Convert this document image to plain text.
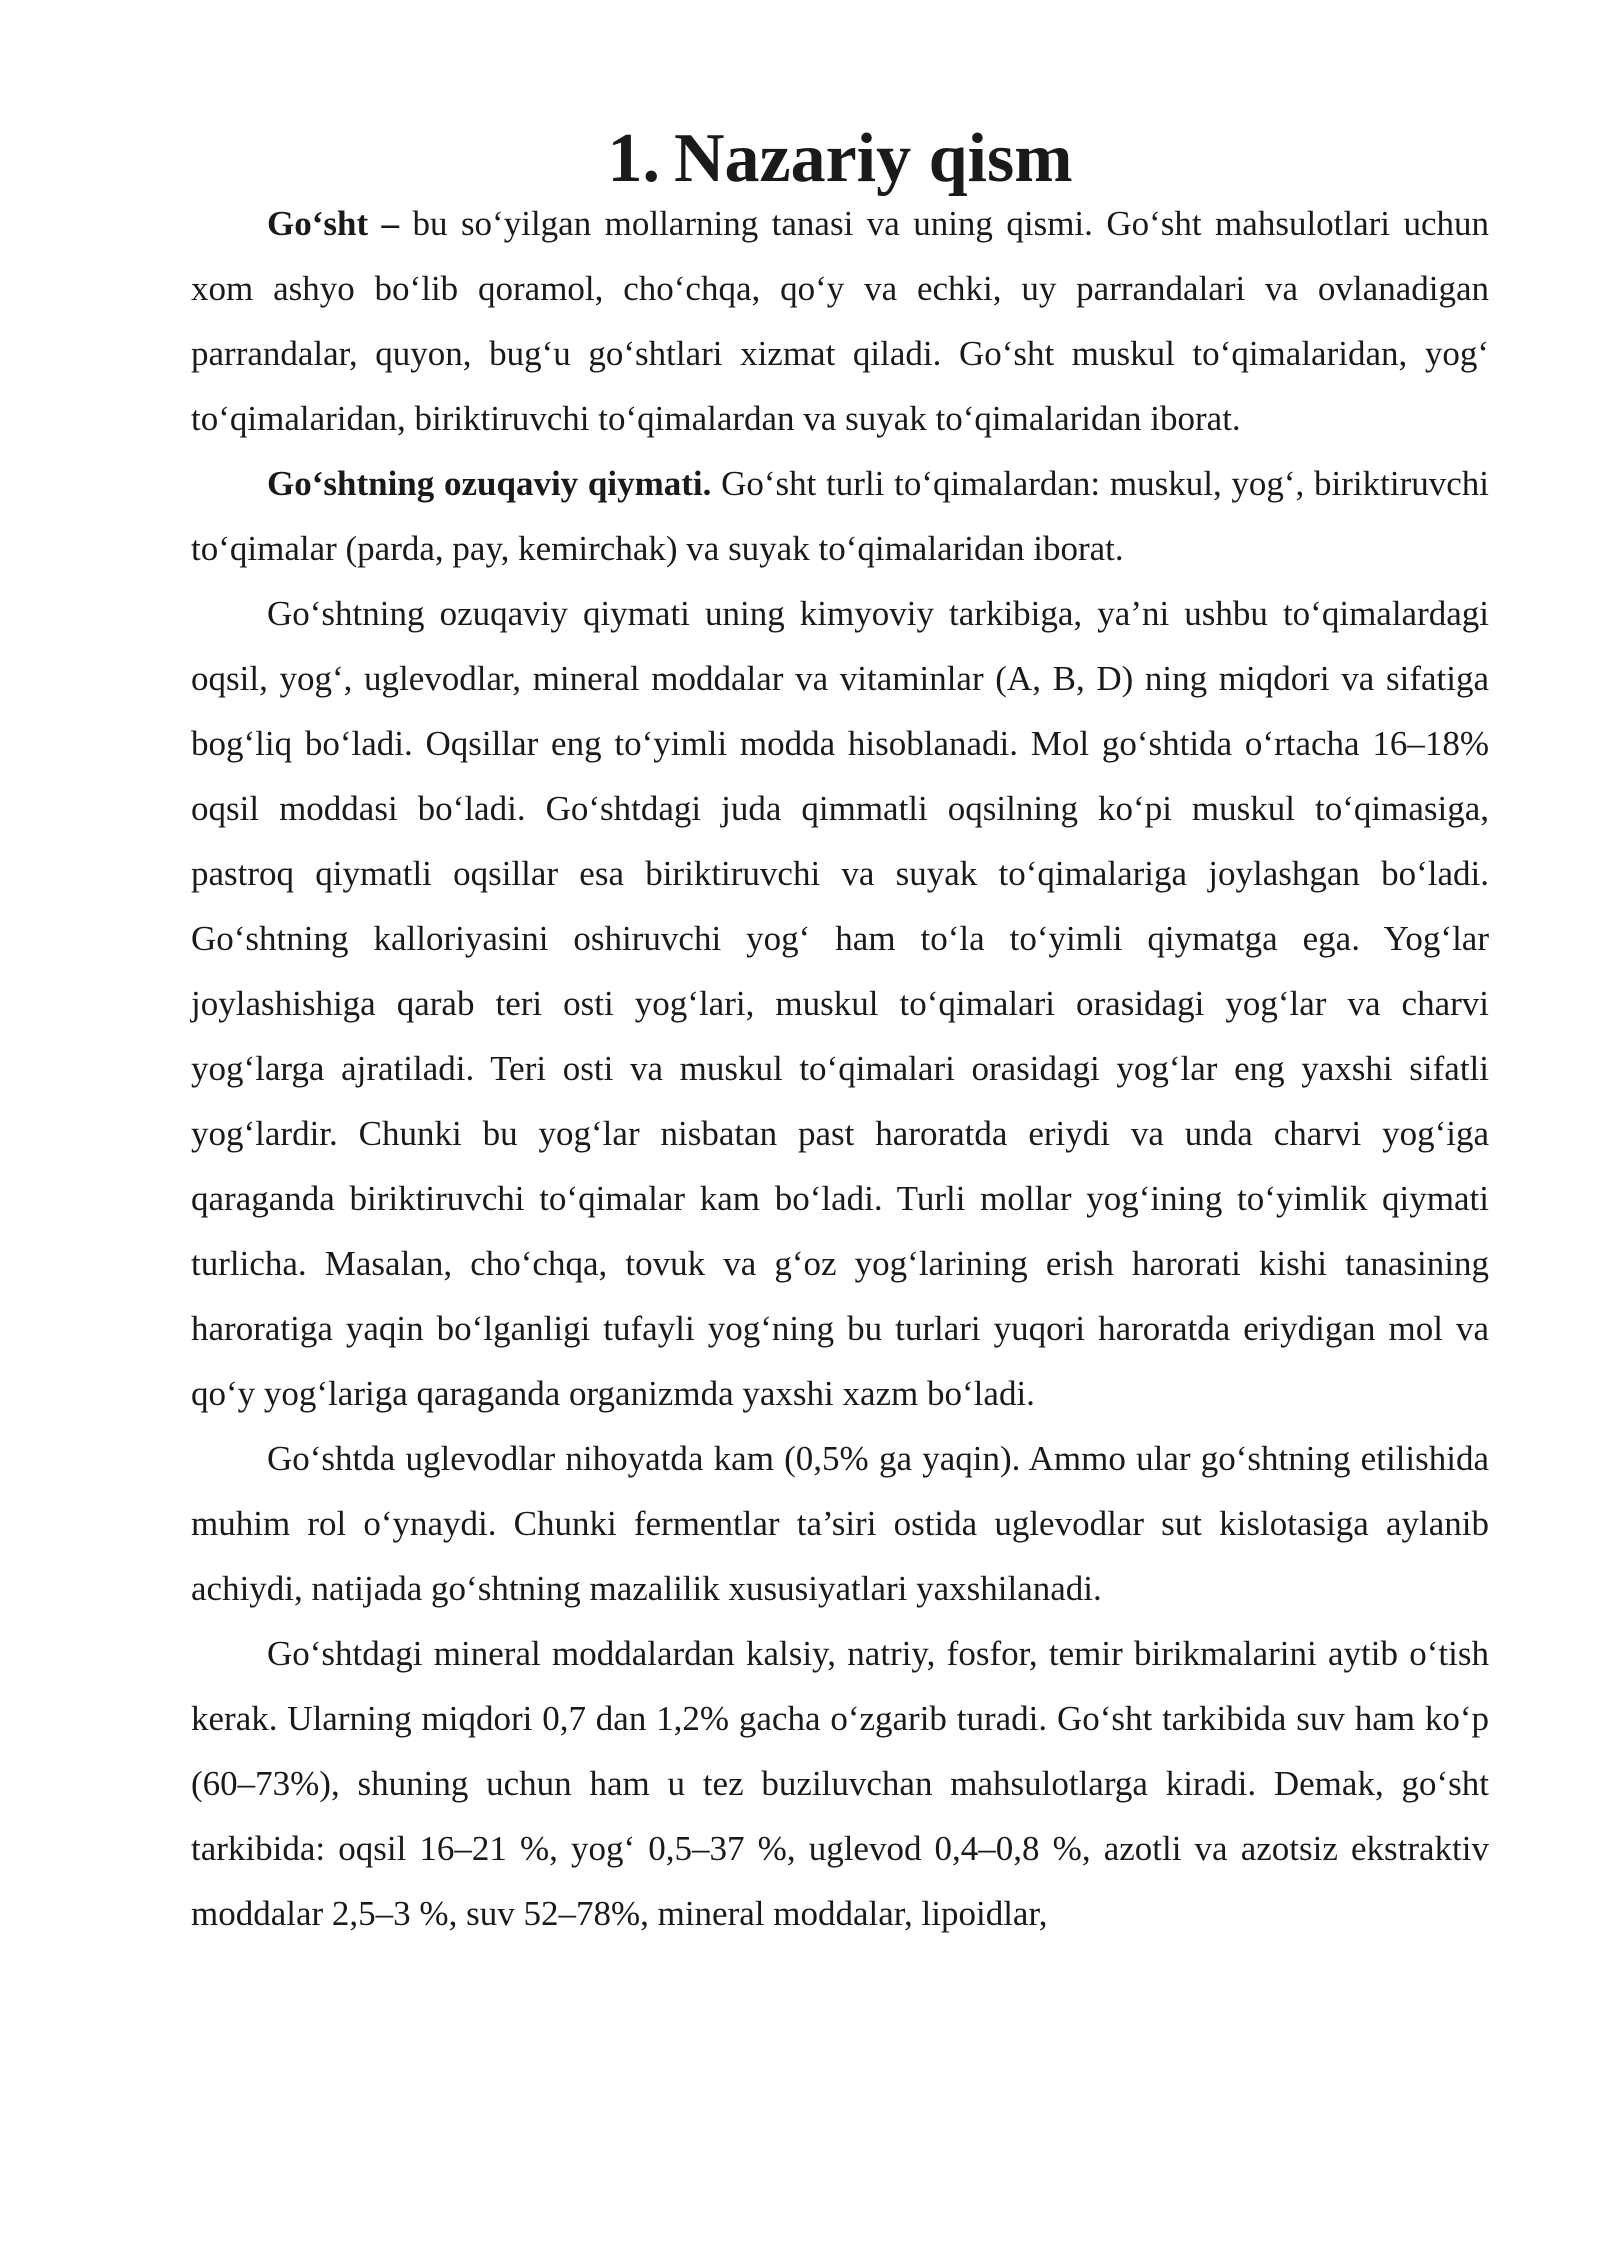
1. Nazariy qism

Go‘sht – bu so‘yilgan mollarning tanasi va uning qismi. Go‘sht mahsulotlari uchun xom ashyo bo‘lib qoramol, cho‘chqa, qo‘y va echki, uy parrandalari va ovlanadigan parrandalar, quyon, bug‘u go‘shtlari xizmat qiladi. Go‘sht muskul to‘qimalaridan, yog‘ to‘qimalaridan, biriktiruvchi to‘qimalardan va suyak to‘qimalaridan iborat.

Go‘shtning ozuqaviy qiymati. Go‘sht turli to‘qimalardan: muskul, yog‘, biriktiruvchi to‘qimalar (parda, pay, kemirchak) va suyak to‘qimalaridan iborat.

Go‘shtning ozuqaviy qiymati uning kimyoviy tarkibiga, ya’ni ushbu to‘qimalardagi oqsil, yog‘, uglevodlar, mineral moddalar va vitaminlar (A, B, D) ning miqdori va sifatiga bog‘liq bo‘ladi. Oqsillar eng to‘yimli modda hisoblanadi. Mol go‘shtida o‘rtacha 16–18% oqsil moddasi bo‘ladi. Go‘shtdagi juda qimmatli oqsilning ko‘pi muskul to‘qimasiga, pastroq qiymatli oqsillar esa biriktiruvchi va suyak to‘qimalariga joylashgan bo‘ladi. Go‘shtning kalloriyasini oshiruvchi yog‘ ham to‘la to‘yimli qiymatga ega. Yog‘lar joylashishiga qarab teri osti yog‘lari, muskul to‘qimalari orasidagi yog‘lar va charvi yog‘larga ajratiladi. Teri osti va muskul to‘qimalari orasidagi yog‘lar eng yaxshi sifatli yog‘lardir. Chunki bu yog‘lar nisbatan past haroratda eriydi va unda charvi yog‘iga qaraganda biriktiruvchi to‘qimalar kam bo‘ladi. Turli mollar yog‘ining to‘yimlik qiymati turlicha. Masalan, cho‘chqa, tovuk va g‘oz yog‘larining erish harorati kishi tanasining haroratiga yaqin bo‘lganligi tufayli yog‘ning bu turlari yuqori haroratda eriydigan mol va qo‘y yog‘lariga qaraganda organizmda yaxshi xazm bo‘ladi.

Go‘shtda uglevodlar nihoyatda kam (0,5% ga yaqin). Ammo ular go‘shtning etilishida muhim rol o‘ynaydi. Chunki fermentlar ta’siri ostida uglevodlar sut kislotasiga aylanib achiydi, natijada go‘shtning mazalilik xususiyatlari yaxshilanadi.

Go‘shtdagi mineral moddalardan kalsiy, natriy, fosfor, temir birikmalarini aytib o‘tish kerak. Ularning miqdori 0,7 dan 1,2% gacha o‘zgarib turadi. Go‘sht tarkibida suv ham ko‘p (60–73%), shuning uchun ham u tez buziluvchan mahsulotlarga kiradi. Demak, go‘sht tarkibida: oqsil 16–21 %, yog‘ 0,5–37 %, uglevod 0,4–0,8 %, azotli va azotsiz ekstraktiv moddalar 2,5–3 %, suv 52–78%, mineral moddalar, lipoidlar,
